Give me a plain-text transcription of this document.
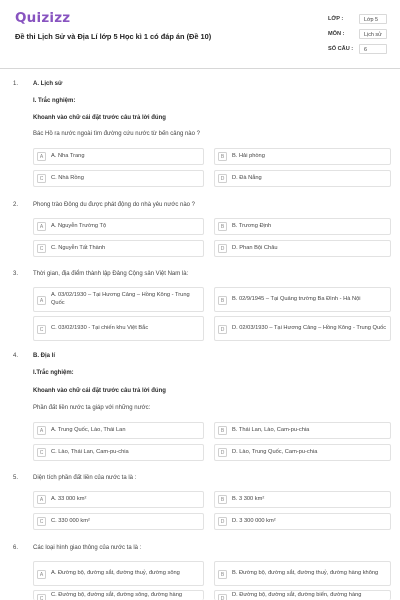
Quizizz
Đề thi Lịch Sử và Địa Lí lớp 5 Học kì 1 có đáp án (Đề 10)
LỚP :	Lớp 5
MÔN :	Lịch sử
SỐ CÂU :	6
1. A. Lịch sử
I. Trắc nghiệm:
Khoanh vào chữ cái đặt trước câu trả lời đúng
Bác Hồ ra nước ngoài tìm đường cứu nước từ bến cảng nào ?
A	A. Nha Trang	B	B. Hải phòng
C	C. Nhà Rồng	D	D. Đà Nẵng
2. Phong trào Đông du được phát động do nhà yêu nước nào ?
A	A. Nguyễn Trường Tộ	B	B. Trương Định
C	C. Nguyễn Tất Thành	D	D. Phan Bội Châu
3. Thời gian, địa điểm thành lập Đảng Cộng sản Việt Nam là:
A
A. 03/02/1930 – Tại Hương Cảng – Hồng Kông - Trung Quốc	B	B. 02/9/1945 – Tại Quảng trường Ba Đình - Hà Nội
C	C. 03/02/1930 - Tại chiến khu Việt Bắc	D	D. 02/03/1930 – Tại Hương Cảng – Hồng Kông - Trung Quốc
4. B. Địa lí
I.Trắc nghiệm:
Khoanh vào chữ cái đặt trước câu trả lời đúng
Phần đất liền nước ta giáp với những nước:
A	A. Trung Quốc, Lào, Thái Lan	B	B. Thái Lan, Lào, Cam-pu-chia
C	C. Lào, Thái Lan, Cam-pu-chia	D	D. Lào, Trung Quốc, Cam-pu-chia
5. Diện tích phần đất liền của nước ta là :
A	A. 33 000 km²	B	B. 3 300 km²
C	C. 330 000 km²	D	D. 3 300 000 km²
6. Các loại hình giao thông của nước ta là :
A	A. Đường bộ, đường sắt, đường thuỷ, đường sông	B	B. Đường bộ, đường sắt, đường thuỷ, đường hàng không
C
C. Đường bộ, đường sắt, đường sông, đường hàng
D
D. Đường bộ, đường sắt, đường biển, đường hàng
